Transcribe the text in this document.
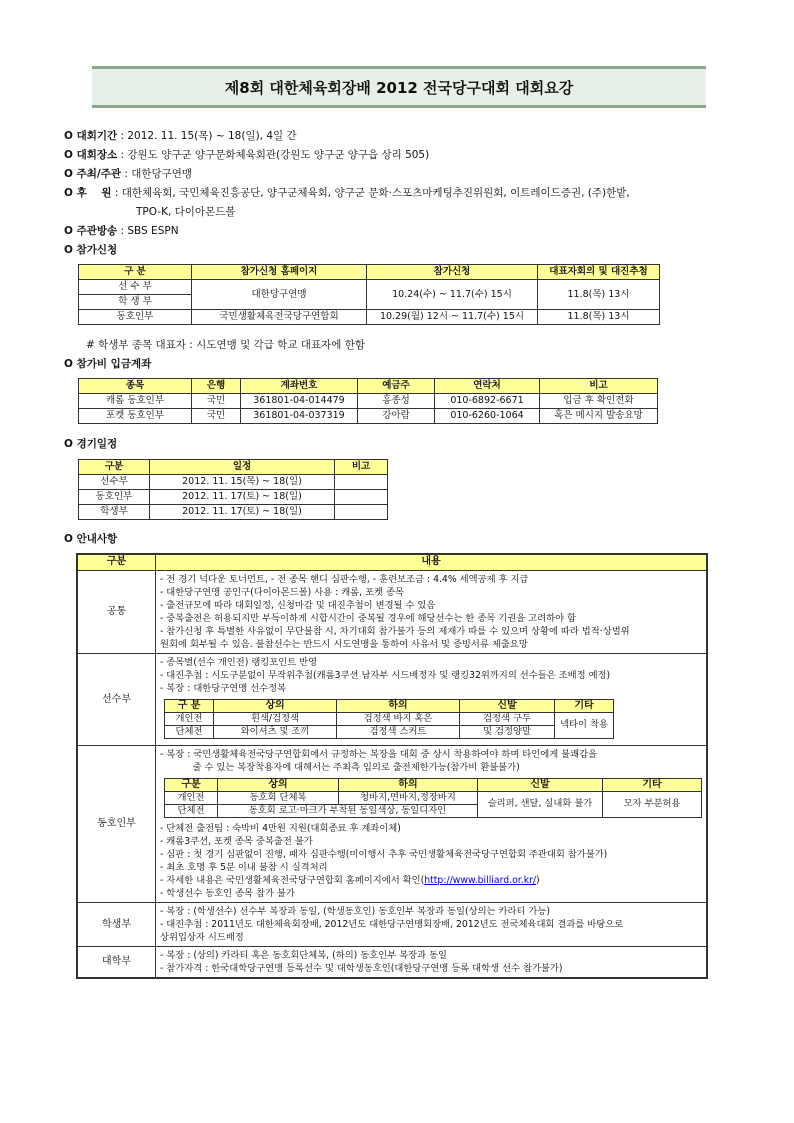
제8회 대한체육회장배 2012 전국당구대회 대회요강
O 대회기간 : 2012. 11. 15(목) ~ 18(일), 4일 간
O 대회장소 : 강원도 양구군 양구문화체육회관(강원도 양구군 양구읍 상리 505)
O 주최/주관 : 대한당구연맹
O 후    원 : 대한체육회, 국민체육진흥공단, 양구군체육회, 양구군 문화·스포츠마케팅추진위원회, 이트레이드증권, (주)한밭,
TPO-K, 다이아몬드볼
O 주관방송 : SBS ESPN
O 참가신청
구 분	참가신청 홈페이지	참가신청	대표자회의 및 대진추첨
선 수 부	대한당구연맹	10.24(수) ~ 11.7(수) 15시	11.8(목) 13시
학 생 부			
동호인부	국민생활체육전국당구연합회	10.29(월) 12시 ~ 11.7(수) 15시	11.8(목) 13시
# 학생부 종목 대표자 : 시도연맹 및 각급 학교 대표자에 한함
O 참가비 입금계좌
종목	은행	계좌번호	예금주	연락처	비고
캐롬 동호인부	국민	361801-04-014479	홍종성	010-6892-6671	입금 후 확인전화
포켓 동호인부	국민	361801-04-037319	강아람	010-6260-1064	혹은 메시지 발송요망
O 경기일정
구분	일정	비고
선수부	2012. 11. 15(목) ~ 18(일)	
동호인부	2012. 11. 17(토) ~ 18(일)	
학생부	2012. 11. 17(토) ~ 18(일)	
O 안내사항
구분	내용
공통	
- 전 경기 넉다운 토너먼트, - 전 종목 핸디 심판수행, - 훈련보조금 : 4.4% 세액공제 후 지급
- 대한당구연맹 공인구(다이아몬드볼) 사용 : 캐롬, 포켓 종목
- 출전규모에 따라 대회일정, 신청마감 및 대진추첨이 변경될 수 있음
- 중복출전은 허용되지만 부득이하게 시합시간이 중복될 경우에 해당선수는 한 종목 기권을 고려하야 함
- 참가신청 후 특별한 사유없이 무단불참 시, 차기대회 참가불가 등의 제재가 따를 수 있으며 상황에 따라 법적·상벌위
원회에 회부될 수 있음. 불참선수는 반드시 시도연맹을 통하여 사유서 및 증빙서류 제출요망

선수부	
- 종목별(선수 개인전) 랭킹포인트 반영
- 대진추첨 : 시도구분없이 무작위추첨(캐롬3쿠션 남자부 시드배정자 및 랭킹32위까지의 선수들은 조배정 예정)
- 복장 : 대한당구연맹 선수정복
구 분	상의	하의	신발	기타
개인전	흰색/검정색	검정색 바지 혹은	검정색 구두	넥타이 착용
단체전	와이셔츠 및 조끼	검정색 스커트	및 검정양말

동호인부	
- 복장 : 국민생활체육전국당구연합회에서 규정하는 복장을 대회 중 상시 착용하여야 하며 타인에게 불쾌감을
줄 수 있는 복장착용자에 대해서는 주최측 임의로 출전제한가능(참가비 환불불가)
구분	상의	하의	신발	기타
개인전	동호회 단체복	청바지,면바지,정장바지	슬리퍼, 샌달, 실내화 불가	모자 부분허용
단체전	동호회 로고·마크가 부착된 동일색상, 동일디자인
- 단체전 출전팀 : 숙박비 4만원 지원(대회종료 후 계좌이체)
- 캐롬3쿠션, 포켓 종목 중복출전 불가
- 심판 : 첫 경기 심판없이 진행, 패자 심판수행(미이행시 추후 국민생활체육전국당구연합회 주관대회 참가불가)
- 최초 호명 후 5분 이내 불참 시 실격처리
- 자세한 내용은 국민생활체육전국당구연합회 홈페이지에서 확인(http://www.billiard.or.kr/)
- 학생선수 동호인 종목 참가 불가

학생부	
- 복장 : (학생선수) 선수부 복장과 동일, (학생동호인) 동호인부 복장과 동일(상의는 카라티 가능)
- 대진추첨 : 2011년도 대한체육회장배, 2012년도 대한당구연맹회장배, 2012년도 전국체육대회 결과를 바탕으로
상위입상자 시드배정

대학부	
- 복장 : (상의) 카라티 혹은 동호회단체복, (하의) 동호인부 복장과 동일
- 참가자격 : 한국대학당구연맹 등록선수 및 대학생동호인(대한당구연맹 등록 대학생 선수 참가불가)
